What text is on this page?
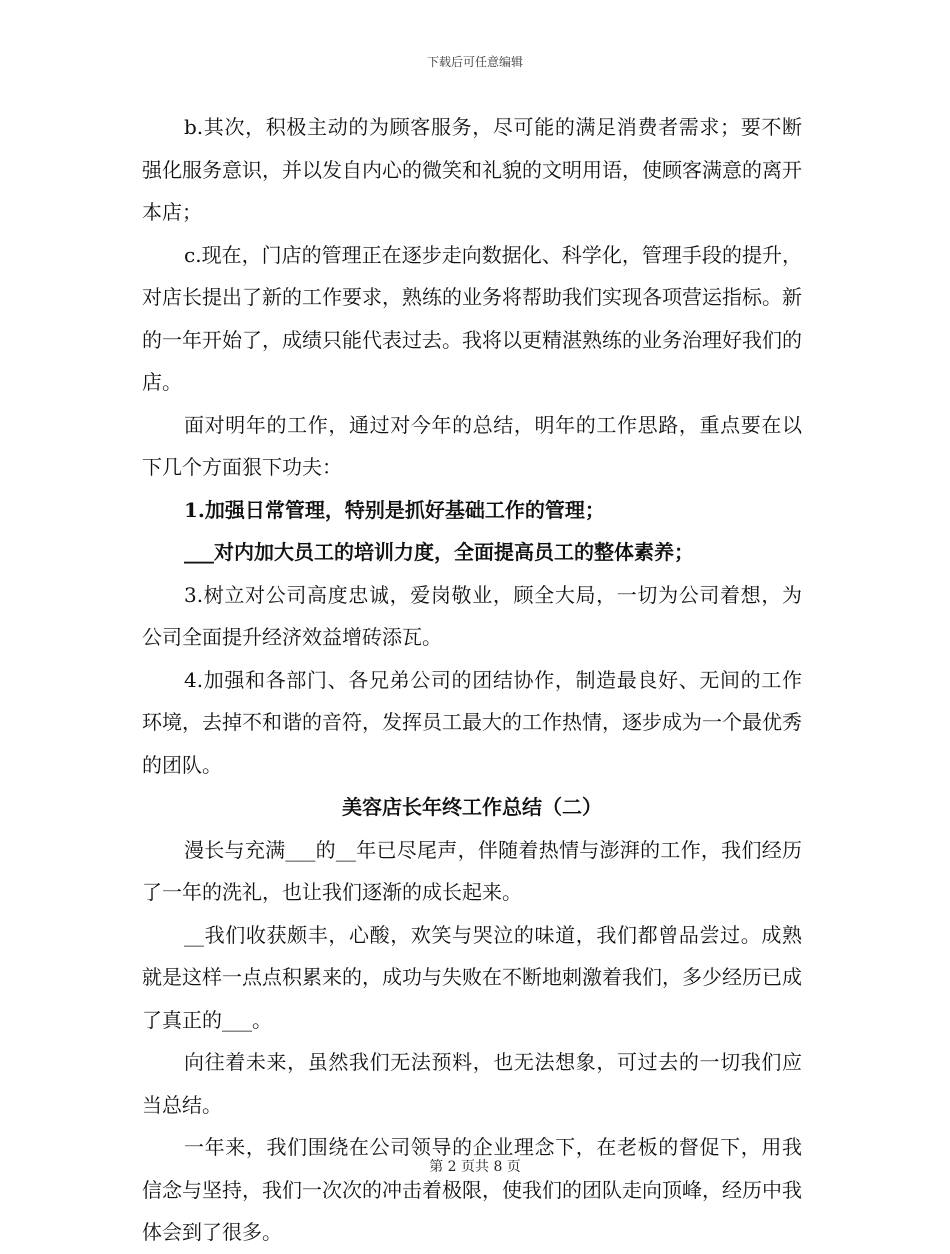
下载后可任意编辑

b.其次，积极主动的为顾客服务，尽可能的满足消费者需求；要不断强化服务意识，并以发自内心的微笑和礼貌的文明用语，使顾客满意的离开本店；

c.现在，门店的管理正在逐步走向数据化、科学化，管理手段的提升，对店长提出了新的工作要求，熟练的业务将帮助我们实现各项营运指标。新的一年开始了，成绩只能代表过去。我将以更精湛熟练的业务治理好我们的店。

面对明年的工作，通过对今年的总结，明年的工作思路，重点要在以下几个方面狠下功夫：

1.加强日常管理，特别是抓好基础工作的管理；

___对内加大员工的培训力度，全面提高员工的整体素养；

3.树立对公司高度忠诚，爱岗敬业，顾全大局，一切为公司着想，为公司全面提升经济效益增砖添瓦。

4.加强和各部门、各兄弟公司的团结协作，制造最良好、无间的工作环境，去掉不和谐的音符，发挥员工最大的工作热情，逐步成为一个最优秀的团队。

美容店长年终工作总结（二）

漫长与充满___的__年已尽尾声，伴随着热情与澎湃的工作，我们经历了一年的洗礼，也让我们逐渐的成长起来。

__我们收获颇丰，心酸，欢笑与哭泣的味道，我们都曾品尝过。成熟就是这样一点点积累来的，成功与失败在不断地刺激着我们，多少经历已成了真正的___。

向往着未来，虽然我们无法预料，也无法想象，可过去的一切我们应当总结。

一年来，我们围绕在公司领导的企业理念下，在老板的督促下，用我信念与坚持，我们一次次的冲击着极限，使我们的团队走向顶峰，经历中我体会到了很多。

第 2 页共 8 页
